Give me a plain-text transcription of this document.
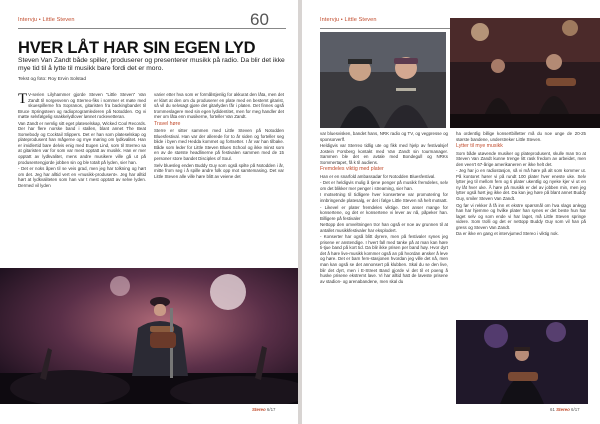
Intervju • Little Steven	60
HVER LÅT HAR SIN EGEN LYD
Steven Van Zandt både spiller, produserer og presenterer musikk på radio. Da blir det ikke mye tid til å lytte til musikk bare fordi det er moro.
Tekst og foto: Roy Ervin Solstad
T V-serien Lilyhammer gjorde Steven "Little Steven" Van Zandt til norgesvenn og Sterreo-fiks i sommer et møte med skuespillerne fra Sopranos, gitaristen fra backingbandet til Bruce Springsteen og radioprogramlederen på Notodden. Og vi møtte selvfølgelig snakkelydlover lønnet rockevetteran.

Van Zandt er nemlig sitt eget plateselskap, Wicked Cool Records. Der har flere norske band i stallen, blant annet The Beat Somebody og Cocktail Slippers. Det er han som plateselskap og plateprodusent han mågerne og mye møring om lydkvalitet. Han er imidlertid bare delvis enig med Eugen Lind, som til Sterreo sa at gitaristen var for som var mest opptatt av musikk. Han er mer opptatt av lydkvalitet, mens andre musikere ville gå ut på produsentengjorde jobben sin og ble totalt på lyden, sier han.

- Det er noks åpen til se veis grad, men jeg har tolkning og hørt om det. Jeg har alltid vert en «musikk-produsent». Jeg har alltid hørt at lydkvaliteten som han var t mest opptatt av selve lyden. Dermed vil lyden

varier etter hva som er formålstjenlig for akkurat den låta, men det er klart at den om du produserer en plate med en bestemt gitarist, så vil du selvsagt gjøre det gitarlyden får i platen. Det finnes også trommeslagere med sin egen lydidentitet, men for meg handler det mer om låta enn musikerne, forteller Van Zandt.

Travel høre

Sterre er sitter sammen med Little Steven på Notodden Bluesfestival. Han var der allerede for to år siden og forteller seg blide i byen med Hedda kommet og fortsetter. I år var han tilbake. Både som leder for Little Steven Blues School og ikke minst som en av de største headlinerne på festivalen sammen med de 15 personer store bandet Disciples of Soul.

Selv bluesleg enden Buddy Guy som også spilte på Notodden i år, mitte from seg i å spille andre folk opp mot samtemasing. Det var Little Steven alle ville høre blitt av veiene det

Stereo 6/17
Intervju • Little Steven

var bluesvisken, bandet hans, NRK radio og TV, og vegpresse og sponsorverlf.

Heldigvis var Sterreo tidlig ute og fikk med hjelp av festivalsjef Jostein Forsberg kontakt med Van Zandt sin tourmanager. Sammen ble det en avtale med Bondegull og NRKs Sommertapet, få k til audiens.

Fremdeles viktig med plater

Han er en snarfold ambassadør for Notodden Bluesfestival.

- Det er heldigvis mulig å tjene penger på musikk fremdeles, selv om det blikker mer penger i streaming, sier han.

I motsetning til tidligere hver konsertene var promotering for innbringende platesalg, er det i følge Little Steven nå helt motsatt.

- Likevel er plater fremdeles viktige. Det anser mange for konsertene, og det er konsertene vi lever av nå, påpeker han. Billigere på festivaler

Nettopp den omveltningen tror han også er noe av grunnen til at antallet musikkfestivaler har eksplodert.

- Konserter har også blitt dyrere, men på festivaler synes jeg prisene er anstendige. I hvert fall med tanke på at man kan høre ti-tjue band på kort tid. Da blir ikke prisen per band høy. Hvor dyrt det å høre live-musikk kommer også an på hvordan ønsker å leve og høre. Det er barn fem-stasjonen hvordan jeg ville det nå, men man kan også se det annonsert på klubben. Skal du se den live, blir det dyrt, men i E-Street Band gjorde vi det til et poeng å huske prisene ekstremt lave. Vi har alltid hatt de laveste prisene av stadion- og arenabandene, men skal du

ha ordentlig billige konsertbilletter må du noe unge de 20-25 største bandene, understreker Little Steven.

Lytter til mye musikk

Som både utøvende musiker og plateprodusent, skulle man tro at Steven Van Zandt kunne trenge litt rask fredom av arbeidet, men den veen't 67-årige amerikaneren er ikke helt det.

- Jeg har jo en radiostasjon, så vi må høre på alt som kommer ut. På kontoret hører vi på rundt 100 plater hver eneste uke. Selv lytter jeg til mellom fem og ti plater ukentlig og nyeke kjer vi ut en ny låt hver uke. Å høre på musikk er del av jobben min, men jeg lytter også hørt jeg ikke det. Da kan jeg høre på blant annet Buddy Guy, smiler Steven Van Zandt.

Og før vi rekker å få inn et ekstre spørsmål om hva slags anlegg han har hjemme og hvilke plater han synes er det beste hun har laget selv og som ende vi har laget, må Little Steven springe videre. Som trolli og det er nettopp Buddy Guy som vil han på gress og Steven Van Zandt.

Da er ikke en gang et intervjumed Stereo i viktig nok.

61 Stereo 6/17
